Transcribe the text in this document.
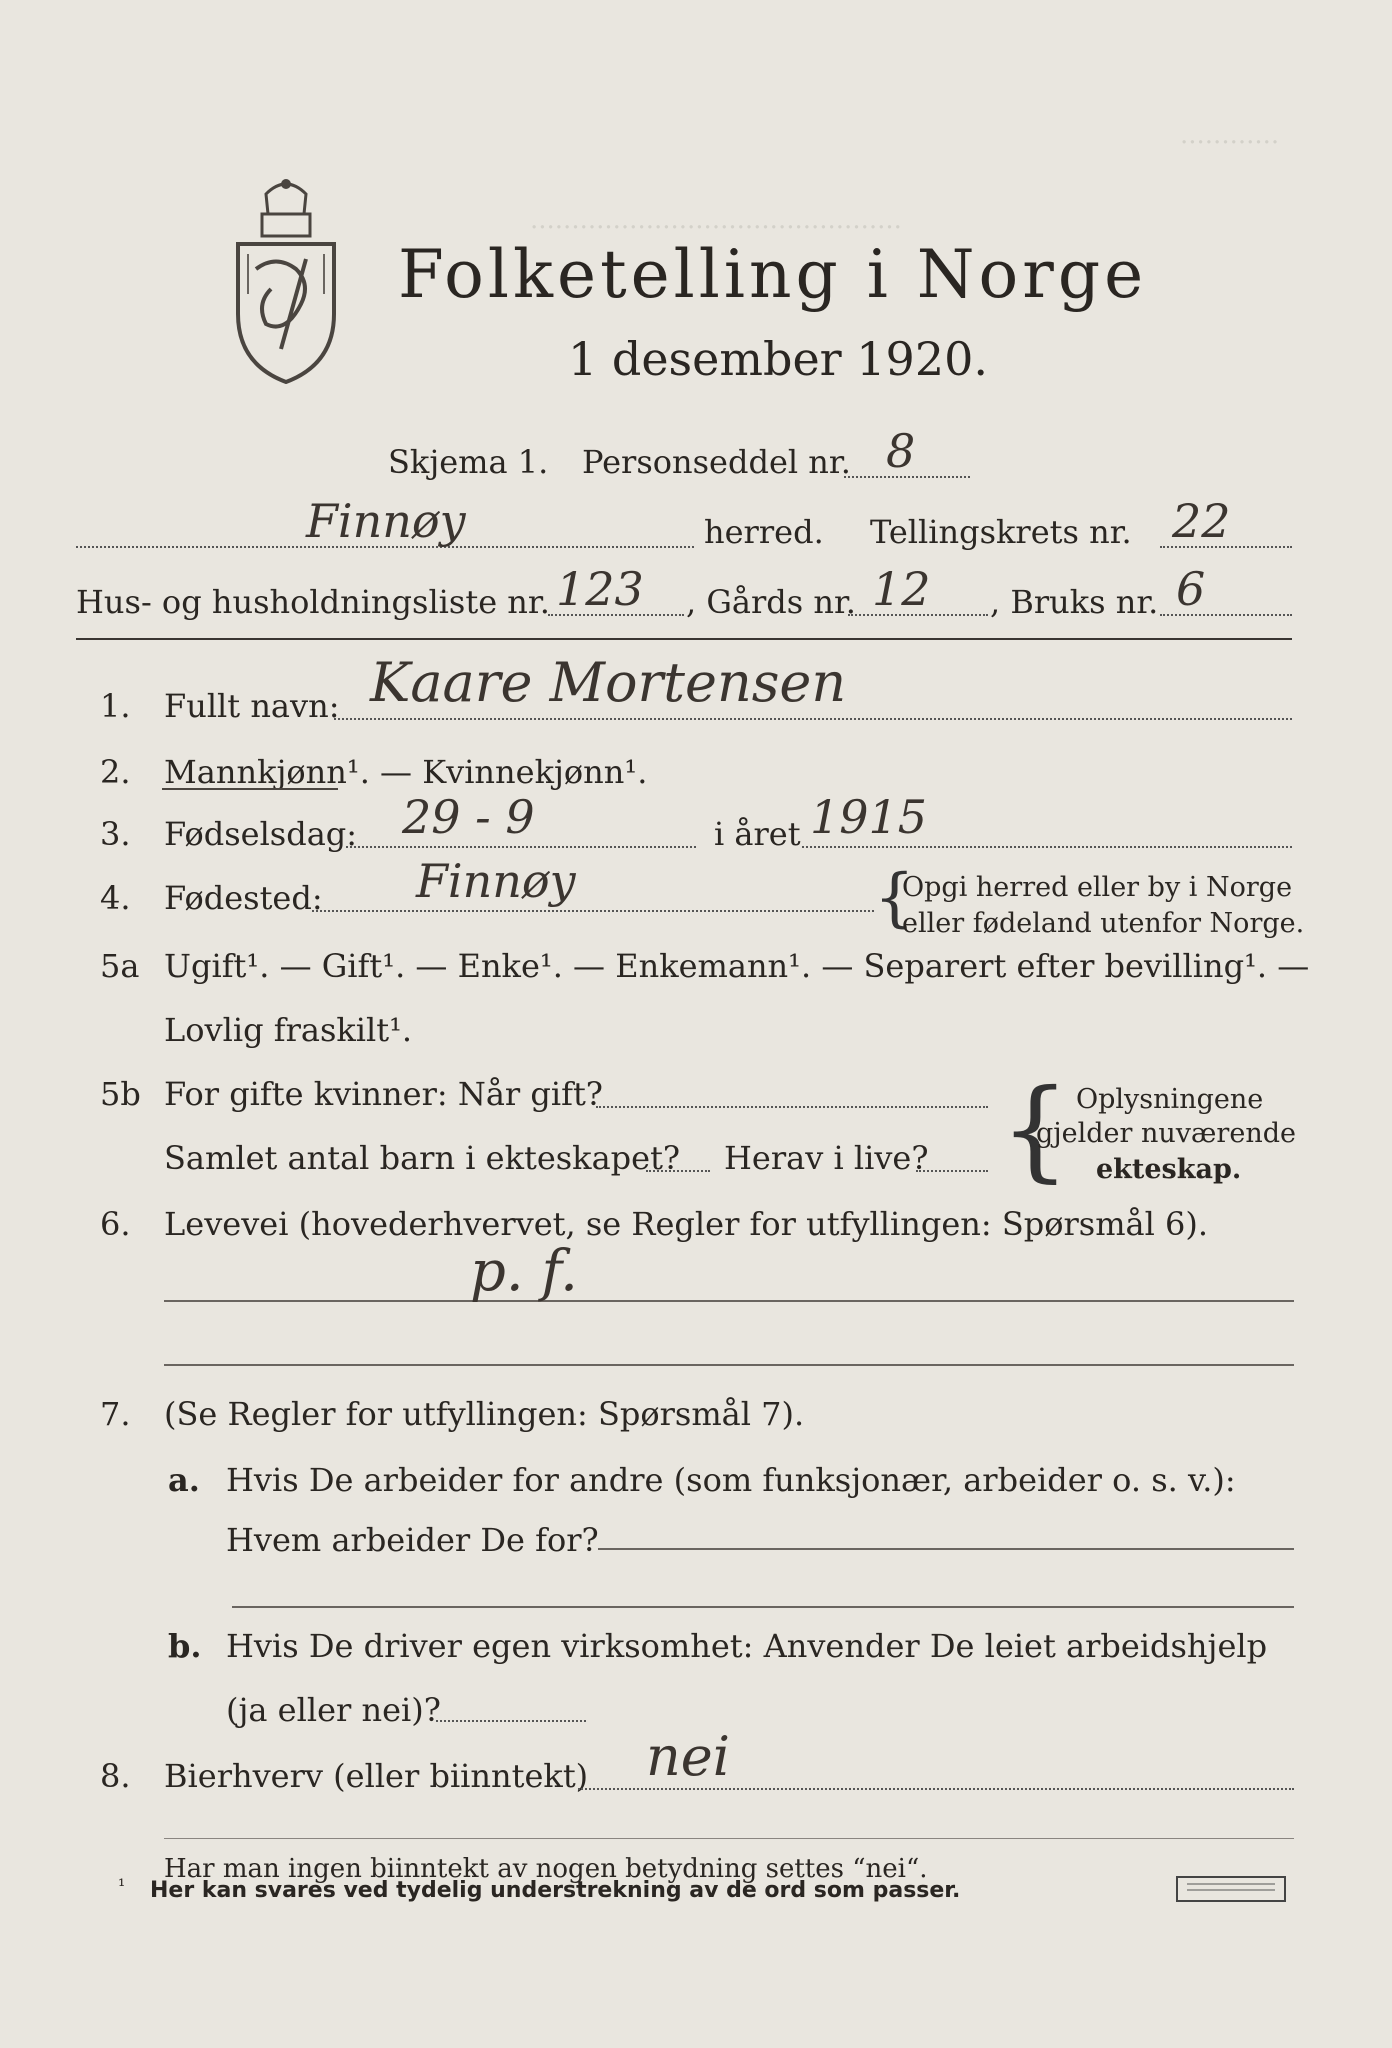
............
.............................................
Folketelling i Norge
1 desember 1920.
Skjema 1. Personseddel nr. 8
Finnøy	herred. Tellingskrets nr. 22
Hus- og husholdningsliste nr. 123 , Gårds nr. 12 , Bruks nr. 6
1. Fullt navn: Kaare Mortensen
2. Mannkjønn¹. — Kvinnekjønn¹.
3. Fødselsdag: 29 - 9	i året 1915
4. Fødested: Finnøy	{
Opgi herred eller by i Norge
eller fødeland utenfor Norge.
5a Ugift¹. — Gift¹. — Enke¹. — Enkemann¹. — Separert efter bevilling¹. —
Lovlig fraskilt¹.
5b For gifte kvinner: Når gift?
Samlet antal barn i ekteskapet? Herav i live? { Oplysningene
gjelder nuværende
ekteskap.
6. Levevei (hovederhvervet, se Regler for utfyllingen: Spørsmål 6).
p. f.
7. (Se Regler for utfyllingen: Spørsmål 7).
a. Hvis De arbeider for andre (som funksjonær, arbeider o. s. v.):
Hvem arbeider De for?
b. Hvis De driver egen virksomhet: Anvender De leiet arbeidshjelp
(ja eller nei)?
8. Bierhverv (eller biinntekt) nei
Har man ingen biinntekt av nogen betydning settes “nei“.
¹ Her kan svares ved tydelig understrekning av de ord som passer.
